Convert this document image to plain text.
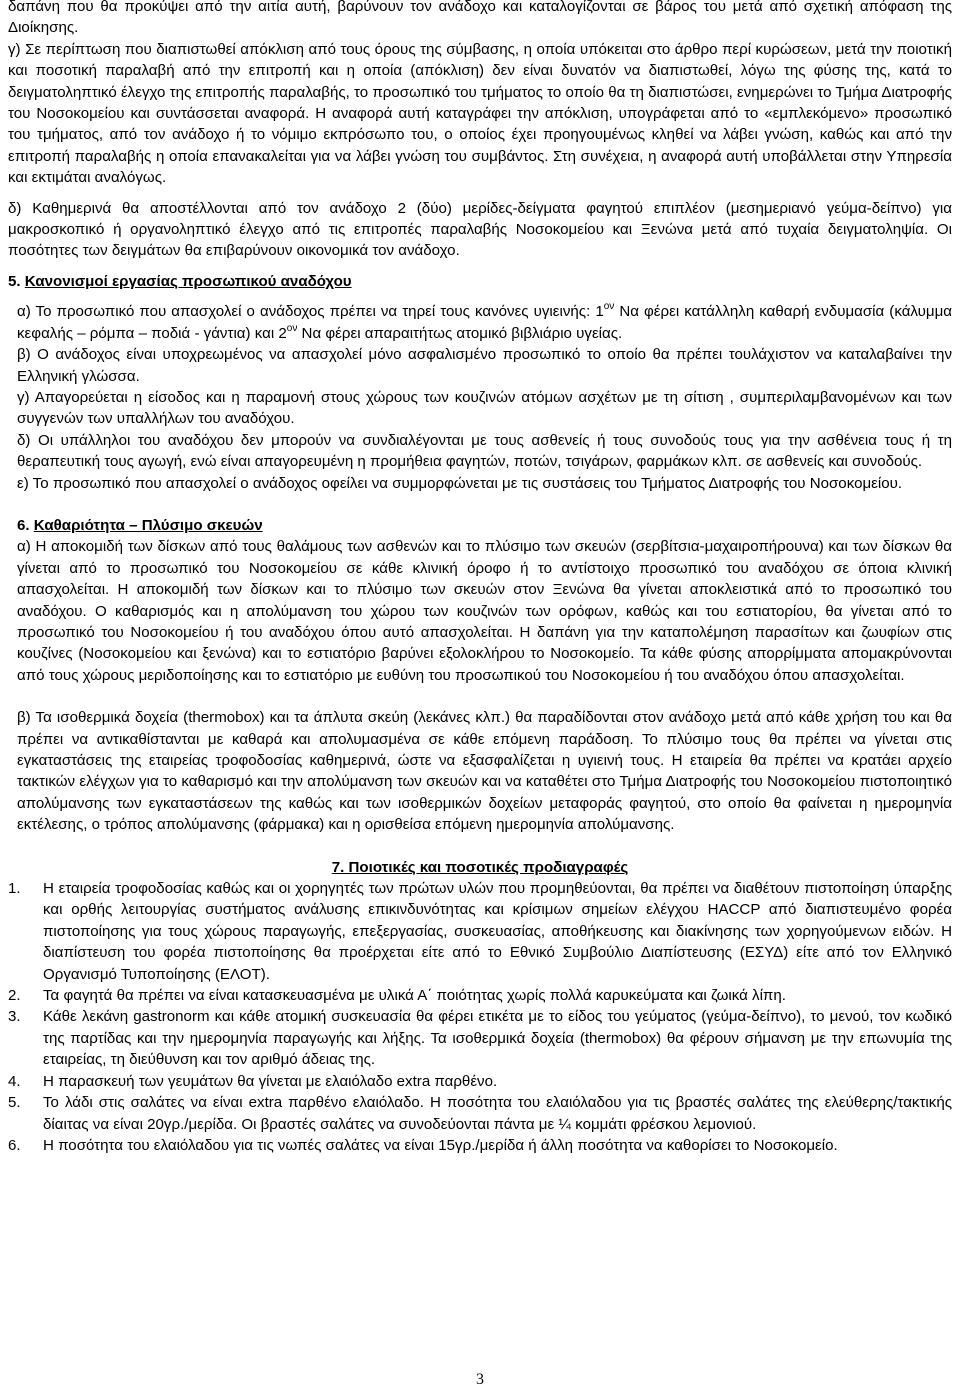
δαπάνη που θα προκύψει από την αιτία αυτή, βαρύνουν τον ανάδοχο και καταλογίζονται σε βάρος του μετά από σχετική απόφαση της Διοίκησης.

γ) Σε περίπτωση που διαπιστωθεί απόκλιση από τους όρους της σύμβασης, η οποία υπόκειται στο άρθρο περί κυρώσεων, μετά την ποιοτική και ποσοτική παραλαβή από την επιτροπή και η οποία (απόκλιση) δεν είναι δυνατόν να διαπιστωθεί, λόγω της φύσης της, κατά το δειγματοληπτικό έλεγχο της επιτροπής παραλαβής, το προσωπικό του τμήματος το οποίο θα τη διαπιστώσει, ενημερώνει το Τμήμα Διατροφής του Νοσοκομείου και συντάσσεται αναφορά. Η αναφορά αυτή καταγράφει την απόκλιση, υπογράφεται από το «εμπλεκόμενο» προσωπικό του τμήματος, από τον ανάδοχο ή το νόμιμο εκπρόσωπο του, ο οποίος έχει προηγουμένως κληθεί να λάβει γνώση, καθώς και από την επιτροπή παραλαβής η οποία επανακαλείται για να λάβει γνώση του συμβάντος. Στη συνέχεια, η αναφορά αυτή υποβάλλεται στην Υπηρεσία και εκτιμάται αναλόγως.

δ) Καθημερινά θα αποστέλλονται από τον ανάδοχο 2 (δύο) μερίδες-δείγματα φαγητού επιπλέον (μεσημεριανό γεύμα-δείπνο) για μακροσκοπικό ή οργανοληπτικό έλεγχο από τις επιτροπές παραλαβής Νοσοκομείου και Ξενώνα μετά από τυχαία δειγματοληψία. Οι ποσότητες των δειγμάτων θα επιβαρύνουν οικονομικά τον ανάδοχο.

5. Κανονισμοί εργασίας προσωπικού αναδόχου

α) Το προσωπικό που απασχολεί ο ανάδοχος πρέπει να τηρεί τους κανόνες υγιεινής: $1^{o\nu}$ Να φέρει κατάλληλη καθαρή ενδυμασία (κάλυμμα κεφαλής – ρόμπα – ποδιά - γάντια) και $2^{o\nu}$ Να φέρει απαραιτήτως ατομικό βιβλιάριο υγείας.

β) Ο ανάδοχος είναι υποχρεωμένος να απασχολεί μόνο ασφαλισμένο προσωπικό το οποίο θα πρέπει τουλάχιστον να καταλαβαίνει την Ελληνική γλώσσα.

γ) Απαγορεύεται η είσοδος και η παραμονή στους χώρους των κουζινών ατόμων ασχέτων με τη σίτιση , συμπεριλαμβανομένων και των συγγενών των υπαλλήλων του αναδόχου.

δ) Οι υπάλληλοι του αναδόχου δεν μπορούν να συνδιαλέγονται με τους ασθενείς ή τους συνοδούς τους για την ασθένεια τους ή τη θεραπευτική τους αγωγή, ενώ είναι απαγορευμένη η προμήθεια φαγητών, ποτών, τσιγάρων, φαρμάκων κλπ. σε ασθενείς και συνοδούς.

ε) Το προσωπικό που απασχολεί ο ανάδοχος οφείλει να συμμορφώνεται με τις συστάσεις του Τμήματος Διατροφής του Νοσοκομείου.

6. Καθαριότητα – Πλύσιμο σκευών

α) Η αποκομιδή των δίσκων από τους θαλάμους των ασθενών και το πλύσιμο των σκευών (σερβίτσια-μαχαιροπήρουνα) και των δίσκων θα γίνεται από το προσωπικό του Νοσοκομείου σε κάθε κλινική όροφο ή το αντίστοιχο προσωπικό του αναδόχου σε όποια κλινική απασχολείται. Η αποκομιδή των δίσκων και το πλύσιμο των σκευών στον Ξενώνα θα γίνεται αποκλειστικά από το προσωπικό του αναδόχου. Ο καθαρισμός και η απολύμανση του χώρου των κουζινών των ορόφων, καθώς και του εστιατορίου, θα γίνεται από το προσωπικό του Νοσοκομείου ή του αναδόχου όπου αυτό απασχολείται. Η δαπάνη για την καταπολέμηση παρασίτων και ζωυφίων στις κουζίνες (Νοσοκομείου και ξενώνα) και το εστιατόριο βαρύνει εξολοκλήρου το Νοσοκομείο. Τα κάθε φύσης απορρίμματα απομακρύνονται από τους χώρους μεριδοποίησης και το εστιατόριο με ευθύνη του προσωπικού του Νοσοκομείου ή του αναδόχου όπου απασχολείται.

β) Τα ισοθερμικά δοχεία (thermobox) και τα άπλυτα σκεύη (λεκάνες κλπ.) θα παραδίδονται στον ανάδοχο μετά από κάθε χρήση του και θα πρέπει να αντικαθίστανται με καθαρά και απολυμασμένα σε κάθε επόμενη παράδοση. Το πλύσιμο τους θα πρέπει να γίνεται στις εγκαταστάσεις της εταιρείας τροφοδοσίας καθημερινά, ώστε να εξασφαλίζεται η υγιεινή τους. Η εταιρεία θα πρέπει να κρατάει αρχείο τακτικών ελέγχων για το καθαρισμό και την απολύμανση των σκευών και να καταθέτει στο Τμήμα Διατροφής του Νοσοκομείου πιστοποιητικό απολύμανσης των εγκαταστάσεων της καθώς και των ισοθερμικών δοχείων μεταφοράς φαγητού, στο οποίο θα φαίνεται η ημερομηνία εκτέλεσης, ο τρόπος απολύμανσης (φάρμακα) και η ορισθείσα επόμενη ημερομηνία απολύμανσης.

7. Ποιοτικές και ποσοτικές προδιαγραφές

1.	Η εταιρεία τροφοδοσίας καθώς και οι χορηγητές των πρώτων υλών που προμηθεύονται, θα πρέπει να διαθέτουν πιστοποίηση ύπαρξης και ορθής λειτουργίας συστήματος ανάλυσης επικινδυνότητας και κρίσιμων σημείων ελέγχου HACCP από διαπιστευμένο φορέα πιστοποίησης για τους χώρους παραγωγής, επεξεργασίας, συσκευασίας, αποθήκευσης και διακίνησης των χορηγούμενων ειδών. Η διαπίστευση του φορέα πιστοποίησης θα προέρχεται είτε από το Εθνικό Συμβούλιο Διαπίστευσης (ΕΣΥΔ) είτε από τον Ελληνικό Οργανισμό Τυποποίησης (ΕΛΟΤ).
2.	Τα φαγητά θα πρέπει να είναι κατασκευασμένα με υλικά Α΄ ποιότητας χωρίς πολλά καρυκεύματα και ζωικά λίπη.
3.	Κάθε λεκάνη gastronorm και κάθε ατομική συσκευασία θα φέρει ετικέτα με το είδος του γεύματος (γεύμα-δείπνο), το μενού, τον κωδικό της παρτίδας και την ημερομηνία παραγωγής και λήξης. Τα ισοθερμικά δοχεία (thermobox) θα φέρουν σήμανση με την επωνυμία της εταιρείας, τη διεύθυνση και τον αριθμό άδειας της.
4.	Η παρασκευή των γευμάτων θα γίνεται με ελαιόλαδο extra παρθένο.
5.	Το λάδι στις σαλάτες να είναι extra παρθένο ελαιόλαδο. Η ποσότητα του ελαιόλαδου για τις βραστές σαλάτες της ελεύθερης/τακτικής δίαιτας να είναι 20γρ./μερίδα. Οι βραστές σαλάτες να συνοδεύονται πάντα με ¼ κομμάτι φρέσκου λεμονιού.
6.	Η ποσότητα του ελαιόλαδου για τις νωπές σαλάτες να είναι 15γρ./μερίδα ή άλλη ποσότητα να καθορίσει το Νοσοκομείο.
3
